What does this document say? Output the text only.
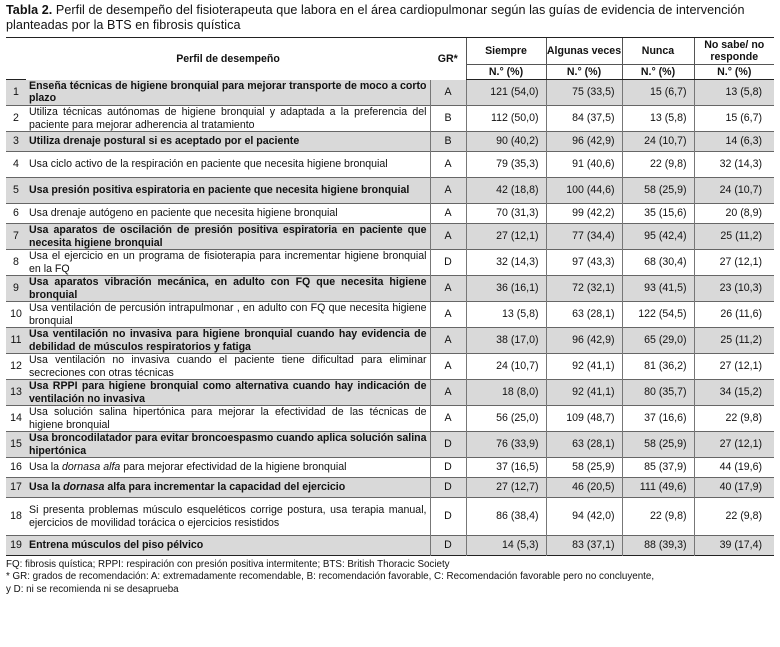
Tabla 2. Perfil de desempeño del fisioterapeuta que labora en el área cardiopulmonar según las guías de evidencia de intervención planteadas por la BTS en fibrosis quística
	Perfil de desempeño	GR*	Siempre	Algunas veces	Nunca	No sabe/ no responde
			N.° (%)	N.° (%)	N.° (%)	N.° (%)
1	Enseña técnicas de higiene bronquial para mejorar transporte de moco a corto plazo	A	121 (54,0)	75 (33,5)	15 (6,7)	13 (5,8)
2	Utiliza técnicas autónomas de higiene bronquial y adaptada a la preferencia del paciente para mejorar adherencia al tratamiento	B	112 (50,0)	84 (37,5)	13 (5,8)	15 (6,7)
3	Utiliza drenaje postural si es aceptado por el paciente	B	90 (40,2)	96 (42,9)	24 (10,7)	14 (6,3)
4	Usa ciclo activo de la respiración en paciente que necesita higiene bronquial	A	79 (35,3)	91 (40,6)	22 (9,8)	32 (14,3)
5	Usa presión positiva espiratoria en paciente que necesita higiene bronquial	A	42 (18,8)	100 (44,6)	58 (25,9)	24 (10,7)
6	Usa drenaje autógeno en paciente que necesita higiene bronquial	A	70 (31,3)	99 (42,2)	35 (15,6)	20 (8,9)
7	Usa aparatos de oscilación de presión positiva espiratoria en paciente que necesita higiene bronquial	A	27 (12,1)	77 (34,4)	95 (42,4)	25 (11,2)
8	Usa el ejercicio en un programa de fisioterapia para incrementar higiene bronquial en la FQ	D	32 (14,3)	97 (43,3)	68 (30,4)	27 (12,1)
9	Usa aparatos vibración mecánica, en adulto con FQ que necesita higiene bronquial	A	36 (16,1)	72 (32,1)	93 (41,5)	23 (10,3)
10	Usa ventilación de percusión intrapulmonar , en adulto con FQ que necesita higiene bronquial	A	13 (5,8)	63 (28,1)	122 (54,5)	26 (11,6)
11	Usa ventilación no invasiva para higiene bronquial cuando hay evidencia de debilidad de músculos respiratorios y fatiga	A	38 (17,0)	96 (42,9)	65 (29,0)	25 (11,2)
12	Usa ventilación no invasiva cuando el paciente tiene dificultad para eliminar secreciones con otras técnicas	A	24 (10,7)	92 (41,1)	81 (36,2)	27 (12,1)
13	Usa RPPI para higiene bronquial como alternativa cuando hay indicación de ventilación no invasiva	A	18 (8,0)	92 (41,1)	80 (35,7)	34 (15,2)
14	Usa solución salina hipertónica para mejorar la efectividad de las técnicas de higiene bronquial	A	56 (25,0)	109 (48,7)	37 (16,6)	22 (9,8)
15	Usa broncodilatador para evitar broncoespasmo cuando aplica solución salina hipertónica	D	76 (33,9)	63 (28,1)	58 (25,9)	27 (12,1)
16	Usa la dornasa alfa para mejorar efectividad de la higiene bronquial	D	37 (16,5)	58 (25,9)	85 (37,9)	44 (19,6)
17	Usa la dornasa alfa para incrementar la capacidad del ejercicio	D	27 (12,7)	46 (20,5)	111 (49,6)	40 (17,9)
18	Si presenta problemas músculo esqueléticos corrige postura, usa terapia manual, ejercicios de movilidad torácica o ejercicios resistidos	D	86 (38,4)	94 (42,0)	22 (9,8)	22 (9,8)
19	Entrena músculos del piso pélvico	D	14 (5,3)	83 (37,1)	88 (39,3)	39 (17,4)
FQ: fibrosis quística; RPPI: respiración con presión positiva intermitente; BTS: British Thoracic Society
* GR: grados de recomendación: A: extremadamente recomendable, B: recomendación favorable, C: Recomendación favorable pero no concluyente,
y D: ni se recomienda ni se desaprueba
